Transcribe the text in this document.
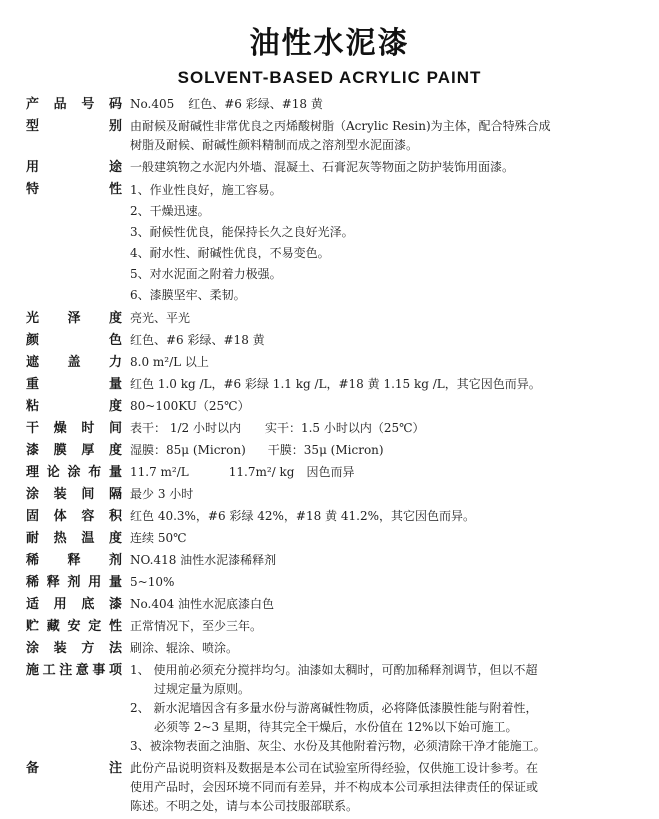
油性水泥漆
SOLVENT-BASED ACRYLIC PAINT
产 品 号 码 No.405 红色、#6 彩绿、#18 黄
型	别 由耐候及耐碱性非常优良之丙烯酸树脂（Acrylic Resin)为主体，配合特殊合成
树脂及耐候、耐碱性颜料精制而成之溶剂型水泥面漆。
用	途 一般建筑物之水泥内外墙、混凝土、石膏泥灰等物面之防护装饰用面漆。
特	性 1、作业性良好，施工容易。
2、干燥迅速。
3、耐候性优良，能保持长久之良好光泽。
4、耐水性、耐碱性优良，不易变色。
5、对水泥面之附着力极强。
6、漆膜坚牢、柔韧。
光 泽 度 亮光、平光
颜	色 红色、#6 彩绿、#18 黄
遮 盖 力 8.0 m²/L 以上
重	量 红色 1.0 kg /L，#6 彩绿 1.1 kg /L，#18 黄 1.15 kg /L，其它因色而异。
粘	度 80~100KU（25℃）
干 燥 时 间 表干： 1/2 小时以内 实干：1.5 小时以内（25℃）
漆 膜 厚 度 湿膜：85μ (Micron) 干膜：35μ (Micron)
理 论 涂 布 量 11.7 m²/L	11.7m²/ kg 因色而异
涂 装 间 隔 最少 3 小时
固 体 容 积 红色 40.3%，#6 彩绿 42%，#18 黄 41.2%，其它因色而异。
耐 热 温 度 连续 50℃
稀 释 剂 NO.418 油性水泥漆稀释剂
稀 释 剂 用 量 5~10%
适 用 底 漆 No.404 油性水泥底漆白色
贮 藏 安 定 性 正常情况下，至少三年。
涂 装 方 法 刷涂、辊涂、喷涂。
施 工 注 意 事 项 1、 使用前必须充分搅拌均匀。油漆如太稠时，可酌加稀释剂调节，但以不超
过规定量为原则。
2、 新水泥墙因含有多量水份与游离碱性物质，必将降低漆膜性能与附着性，
必须等 2~3 星期，待其完全干燥后，水份值在 12%以下始可施工。
3、被涂物表面之油脂、灰尘、水份及其他附着污物，必须清除干净才能施工。
备	注 此份产品说明资料及数据是本公司在试验室所得经验，仅供施工设计参考。在
使用产品时，会因环境不同而有差异，并不构成本公司承担法律责任的保证或
陈述。不明之处，请与本公司技服部联系。
